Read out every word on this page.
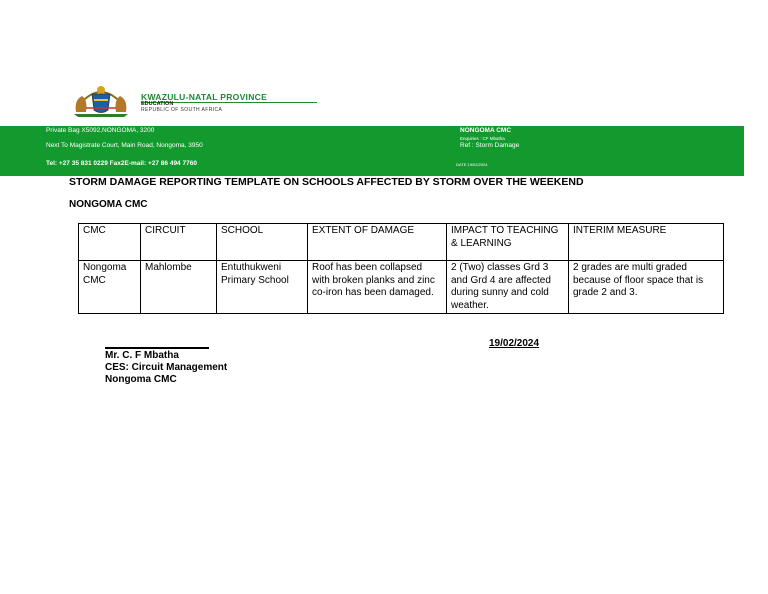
KWAZULU-NATAL PROVINCE
EDUCATION
REPUBLIC OF SOUTH AFRICA
Private Bag X5092,NONGOMA, 3200
Next To Magistrate Court, Main Road, Nongoma, 3950
Tel: +27 35 831 0229 Fax2E-mail: +27 86 494 7760
NONGOMA CMC
Enquiries : CF Mbatha
Ref : Storm Damage
DATE 19/02/2024
STORM DAMAGE REPORTING TEMPLATE ON SCHOOLS AFFECTED BY STORM OVER THE WEEKEND
NONGOMA CMC
CMC	CIRCUIT	SCHOOL	EXTENT OF DAMAGE	IMPACT TO TEACHING & LEARNING	INTERIM MEASURE
Nongoma CMC	Mahlombe	Entuthukweni Primary School	Roof has been collapsed with broken planks and zinc co-iron has been damaged.	2 (Two) classes Grd 3 and Grd 4 are affected during sunny and cold weather.	2 grades are multi graded because of floor space that is grade 2 and 3.
19/02/2024
Mr. C. F Mbatha
CES: Circuit Management
Nongoma CMC
